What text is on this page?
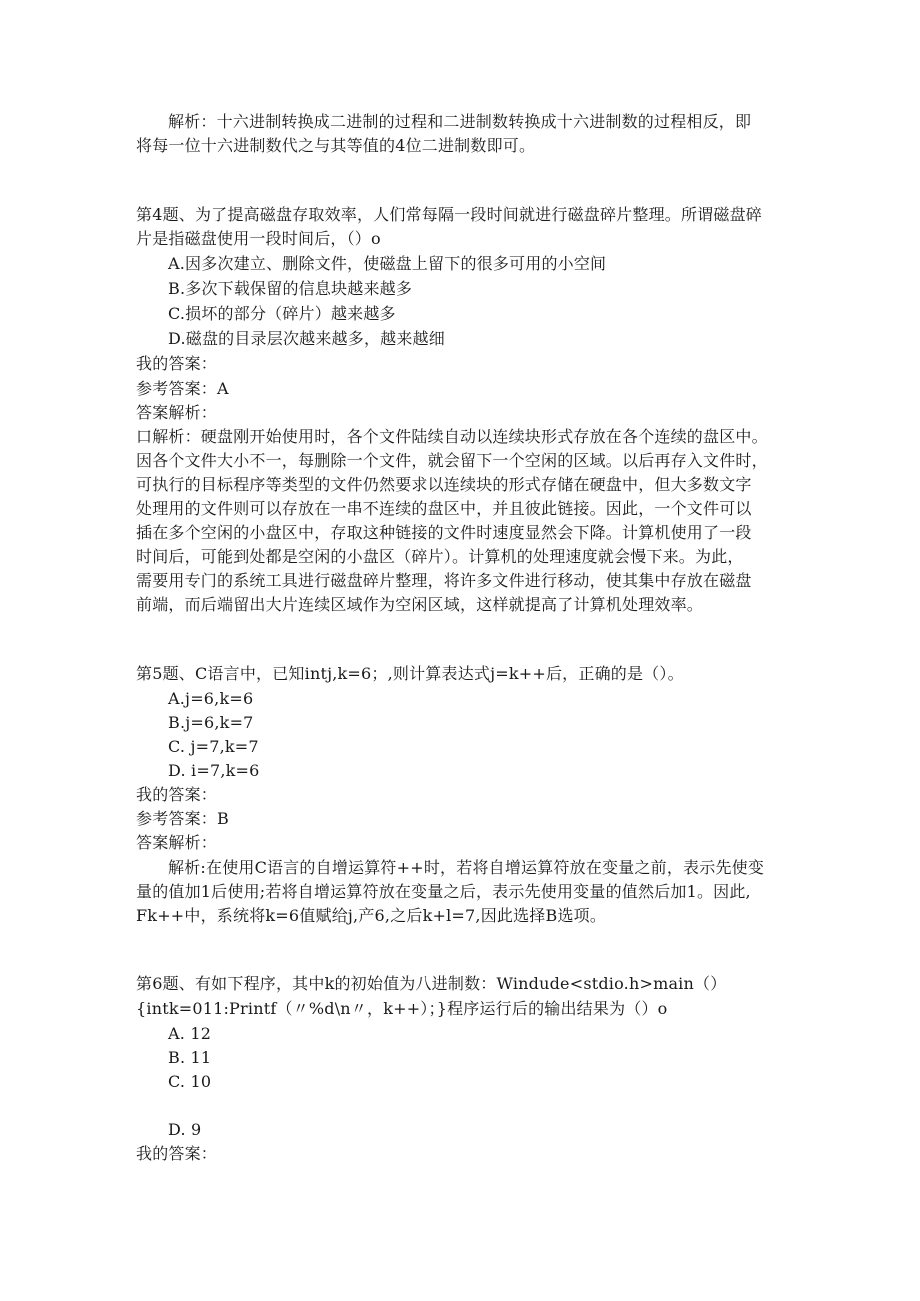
解析：十六进制转换成二进制的过程和二进制数转换成十六进制数的过程相反，即
将每一位十六进制数代之与其等值的4位二进制数即可。
第4题、为了提高磁盘存取效率，人们常每隔一段时间就进行磁盘碎片整理。所谓磁盘碎
片是指磁盘使用一段时间后，（）o
A.因多次建立、删除文件，使磁盘上留下的很多可用的小空间
B.多次下载保留的信息块越来越多
C.损坏的部分（碎片）越来越多
D.磁盘的目录层次越来越多，越来越细
我的答案：
参考答案：A
答案解析：
口解析：硬盘刚开始使用时，各个文件陆续自动以连续块形式存放在各个连续的盘区中。
因各个文件大小不一，每删除一个文件，就会留下一个空闲的区域。以后再存入文件时，
可执行的目标程序等类型的文件仍然要求以连续块的形式存储在硬盘中，但大多数文字
处理用的文件则可以存放在一串不连续的盘区中，并且彼此链接。因此，一个文件可以
插在多个空闲的小盘区中，存取这种链接的文件时速度显然会下降。计算机使用了一段
时间后，可能到处都是空闲的小盘区（碎片）。计算机的处理速度就会慢下来。为此，
需要用专门的系统工具进行磁盘碎片整理，将许多文件进行移动，使其集中存放在磁盘
前端，而后端留出大片连续区域作为空闲区域，这样就提高了计算机处理效率。
第5题、C语言中，已知intj,k=6；,则计算表达式j=k++后，正确的是（）。
A.j=6,k=6
B.j=6,k=7
C. j=7,k=7
D. i=7,k=6
我的答案：
参考答案：B
答案解析：
解析:在使用C语言的自增运算符++时，若将自增运算符放在变量之前，表示先使变
量的值加1后使用;若将自增运算符放在变量之后，表示先使用变量的值然后加1。因此,
Fk++中，系统将k=6值赋给j,产6,之后k+l=7,因此选择B选项。
第6题、有如下程序，其中k的初始值为八进制数：Windude<stdio.h>main（）
{intk=011:Printf（〃%d\n〃，k++）；}程序运行后的输出结果为（）o
A. 12
B. 11
C. 10
D. 9
我的答案：
